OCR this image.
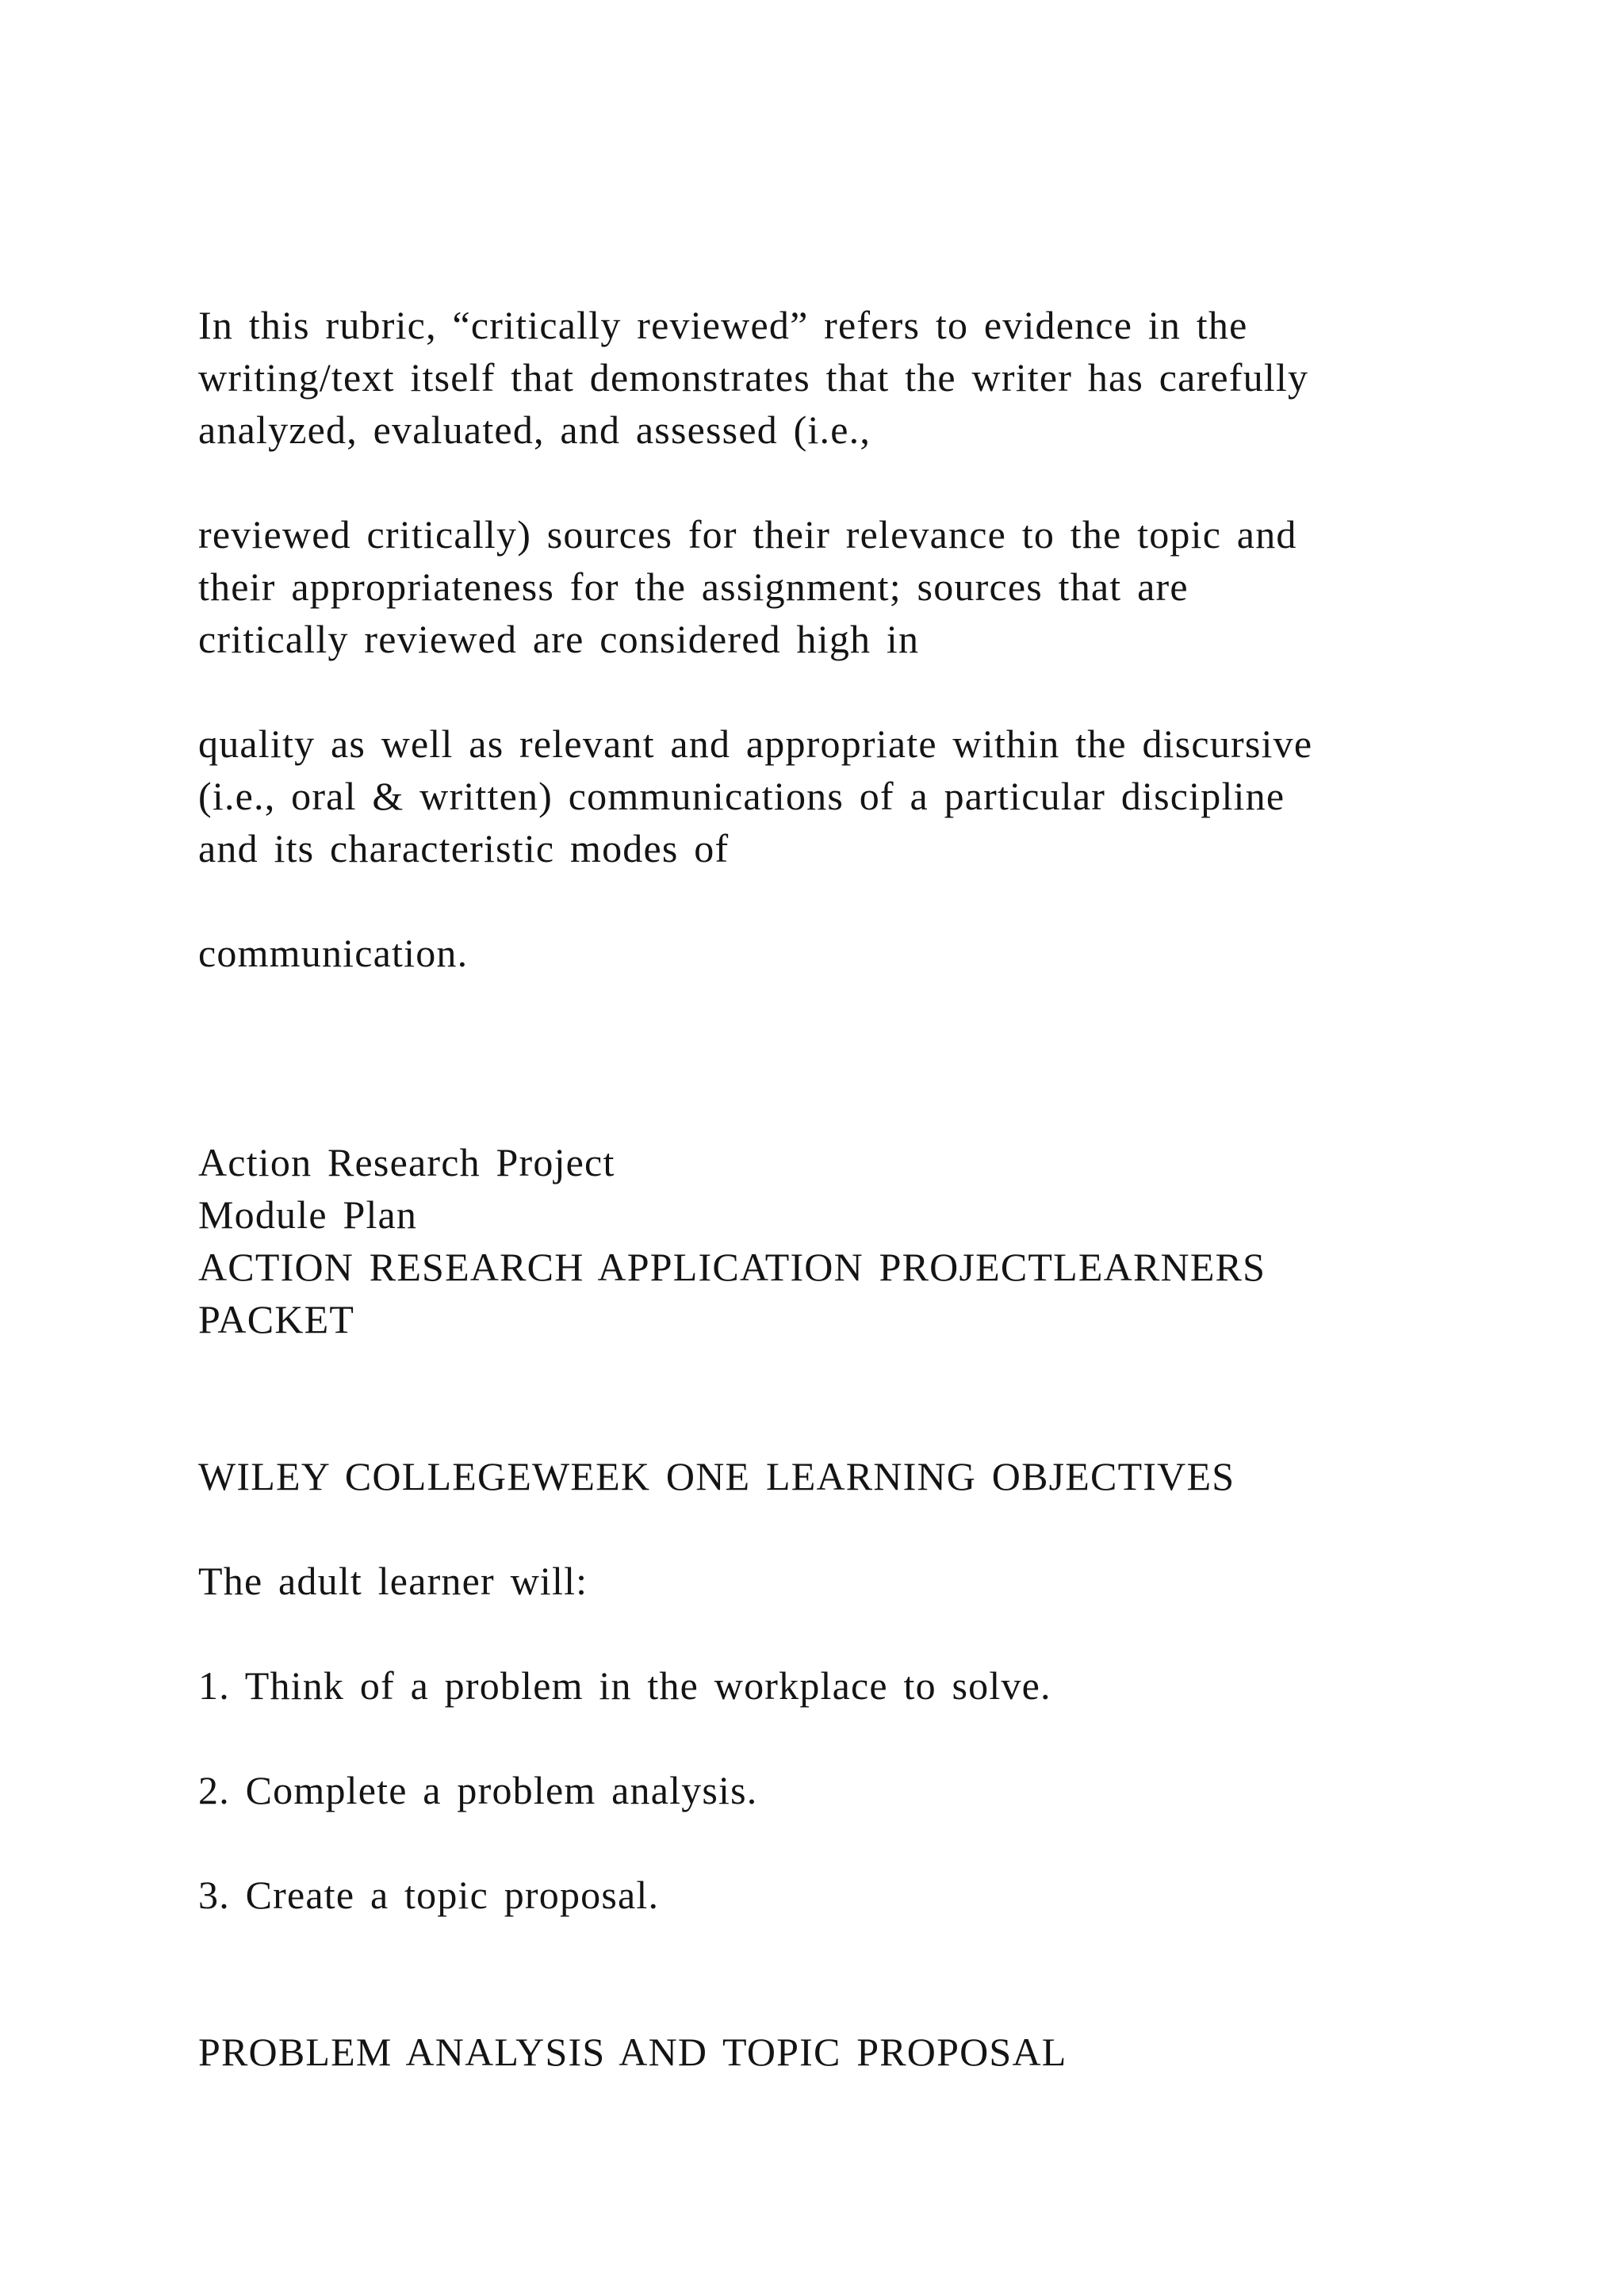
In this rubric, “critically reviewed” refers to evidence in the

writing/text itself that demonstrates that the writer has carefully

analyzed, evaluated, and assessed (i.e.,

reviewed critically) sources for their relevance to the topic and

their appropriateness for the assignment; sources that are

critically reviewed are considered high in

quality as well as relevant and appropriate within the discursive

(i.e., oral & written) communications of a particular discipline

and its characteristic modes of

communication.

Action Research Project

Module Plan

ACTION RESEARCH APPLICATION PROJECTLEARNERS

PACKET

WILEY COLLEGEWEEK ONE LEARNING OBJECTIVES

The adult learner will:

1. Think of a problem in the workplace to solve.

2. Complete a problem analysis.

3. Create a topic proposal.

PROBLEM ANALYSIS AND TOPIC PROPOSAL
